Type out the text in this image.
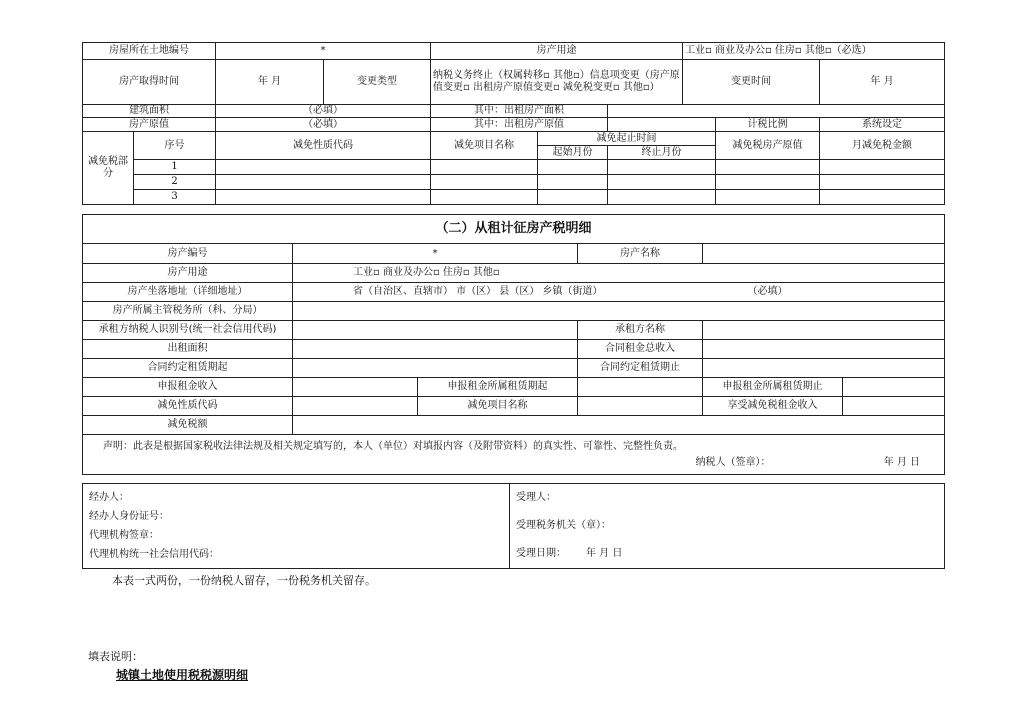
房屋所在土地编号		*		房产用途			工业▫ 商业及办公▫ 住房▫ 其他▫（必选）		
房产取得时间		年 月	变更类型	纳税义务终止（权属转移▫ 其他▫）信息项变更（房产原值变更▫ 出租房产原值变更▫ 减免税变更▫ 其他▫）			变更时间		年 月
建筑面积		（必填）		其中：出租房产面积					
房产原值		（必填）		其中：出租房产原值				计税比例	系统设定
减免税部分	序号	减免性质代码		减免项目名称	减免起止时间			减免税房产原值	月减免税金额
					起始月份	终止月份			
	1								
	2								
	3								
（二）从租计征房产税明细					
房产编号	*		房产名称		
房产用途	工业▫ 商业及办公▫ 住房▫ 其他▫				
房产坐落地址（详细地址）	省（自治区、直辖市） 市（区） 县（区） 乡镇（街道） （必填）				
房产所属主管税务所（科、分局）					
承租方纳税人识别号(统一社会信用代码)			承租方名称		
出租面积			合同租金总收入		
合同约定租赁期起			合同约定租赁期止		
申报租金收入		申报租金所属租赁期起		申报租金所属租赁期止	
减免性质代码		减免项目名称		享受减免税租金收入	
减免税额					

声明：此表是根据国家税收法律法规及相关规定填写的，本人（单位）对填报内容（及附带资料）的真实性、可靠性、完整性负责。
纳税人（签章）： 年 月 日					
经办人：
经办人身份证号：
代理机构签章：
代理机构统一社会信用代码：

受理人：
受理税务机关（章）：
受理日期： 年 月 日
本表一式两份，一份纳税人留存，一份税务机关留存。
填表说明：
城镇土地使用税税源明细
